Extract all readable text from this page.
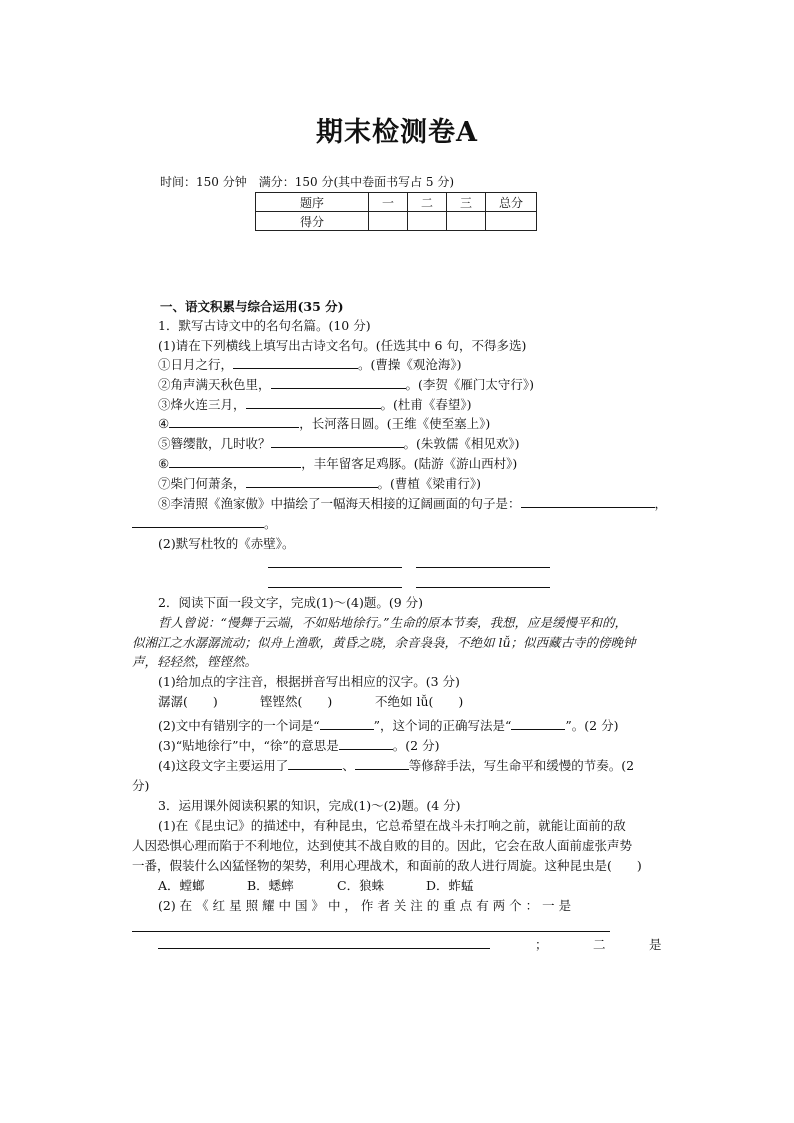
期末检测卷A
时间：150 分钟　满分：150 分(其中卷面书写占 5 分)
题序	一	二	三	总分
得分				
一、语文积累与综合运用(35 分)
1．默写古诗文中的名句名篇。(10 分)
(1)请在下列横线上填写出古诗文名句。(任选其中 6 句，不得多选)
①日月之行，	。(曹操《观沧海》)
②角声满天秋色里，	。(李贺《雁门太守行》)
③烽火连三月，	。(杜甫《春望》)
④	，长河落日圆。(王维《使至塞上》)
⑤簪缨散，几时收？	。(朱敦儒《相见欢》)
⑥	，丰年留客足鸡豚。(陆游《游山西村》)
⑦柴门何萧条，	。(曹植《梁甫行》)
⑧李清照《渔家傲》中描绘了一幅海天相接的辽阔画面的句子是：	，
。
(2)默写杜牧的《赤壁》。
2．阅读下面一段文字，完成(1)～(4)题。(9 分)
哲人曾说：“慢舞于云端，不如贴地徐行。”生命的原本节奏，我想，应是缓慢平和的，
似湘江之水潺潺流动；似舟上渔歌，黄昏之晓，余音袅袅，不绝如 lǚ；似西藏古寺的傍晚钟
声，轻轻然，铿铿然。
(1)给加点的字注音，根据拼音写出相应的汉字。(3 分)
潺潺(　　)	铿铿然(　　)	不绝如 lǚ(　　)
(2)文中有错别字的一个词是“	”，这个词的正确写法是“	”。(2 分)
(3)“贴地徐行”中，“徐”的意思是	。(2 分)
(4)这段文字主要运用了	、	等修辞手法，写生命平和缓慢的节奏。(2
分)
3．运用课外阅读积累的知识，完成(1)～(2)题。(4 分)
(1)在《昆虫记》的描述中，有种昆虫，它总希望在战斗未打响之前，就能让面前的敌
人因恐惧心理而陷于不利地位，达到使其不战自败的目的。因此，它会在敌人面前虚张声势
一番，假装什么凶猛怪物的架势，利用心理战术，和面前的敌人进行周旋。这种昆虫是(　　)
A．螳螂	B．蟋蟀	C．狼蛛	D．蚱蜢
(2) 在 《 红 星 照 耀 中 国 》 中 ， 作 者 关 注 的 重 点 有 两 个 ： 一 是
；	二	是
